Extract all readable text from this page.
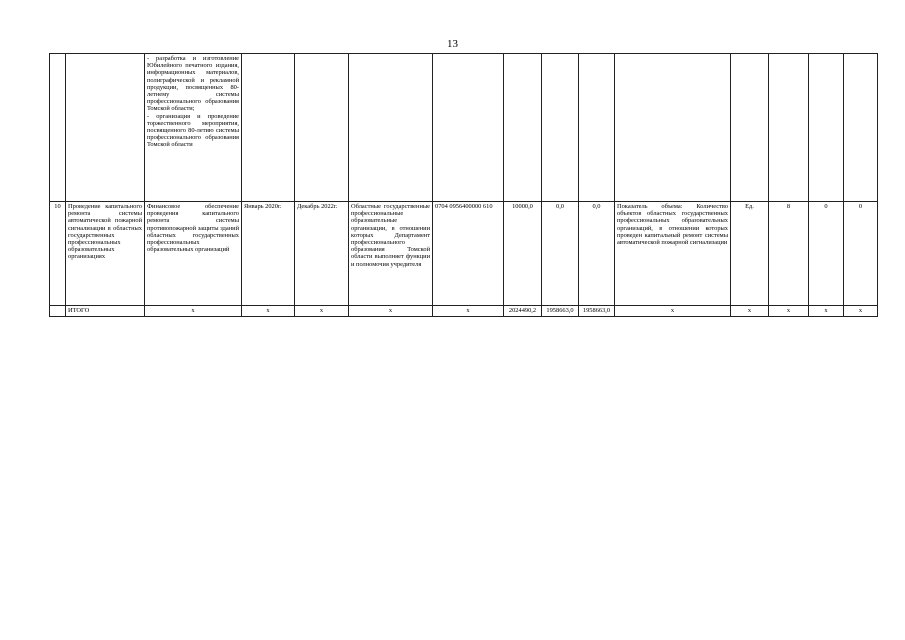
13
		- разработка и изготовление Юбилейного печатного издания, информационных материалов, полиграфической и рекламной продукции, посвященных 80-летнему системы профессионального образования Томской области;
- организация и проведение торжественного мероприятия, посвященного 80-летию системы профессионального образования Томской области												
10	Проведение капитального ремонта системы автоматической пожарной сигнализации в областных государственных профессиональных образовательных организациях	Финансовое обеспечение проведения капитального ремонта системы противопожарной защиты зданий областных государственных профессиональных образовательных организаций	Январь 2020г.	Декабрь 2022г.	Областные государственные профессиональные образовательные организации, в отношении которых Департамент профессионального образования Томской области выполняет функции и полномочия учредителя	0704 0956400000 610	10000,0	0,0	0,0	Показатель объема: Количество объектов областных государственных профессиональных образовательных организаций, в отношении которых проведен капитальный ремонт системы автоматической пожарной сигнализации	Ед.	8	0	0
	ИТОГО	х	х	х	х	х	2024490,2	1958663,0	1958663,0	х	х	х	х	х
